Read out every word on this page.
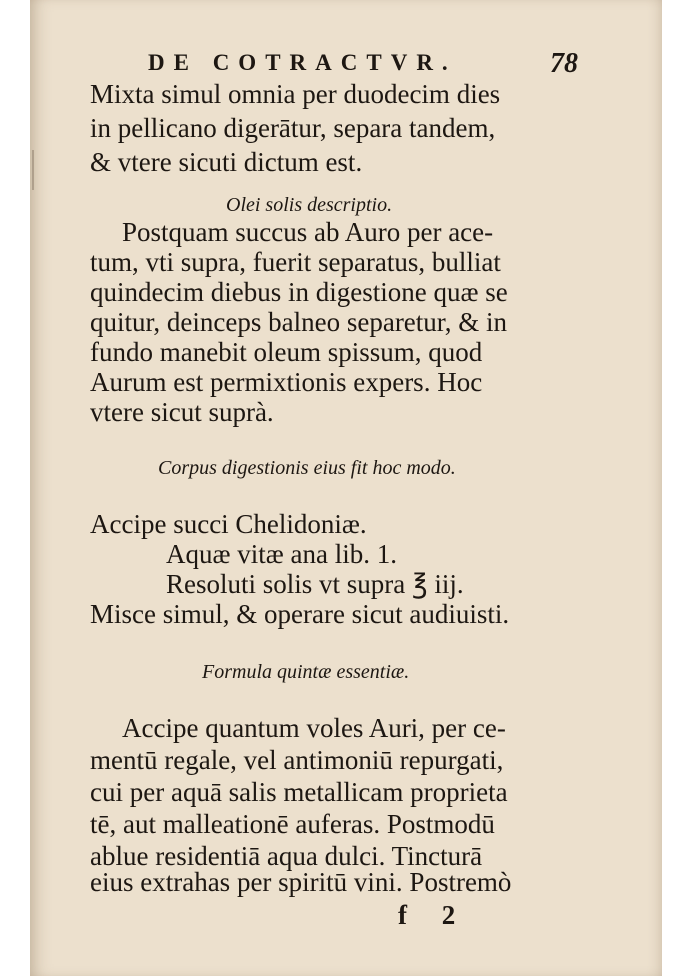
DE COTRACTVR.	78
Mixta simul omnia per duodecim dies
in pellicano digerātur, separa tandem,
& vtere sicuti dictum est.
Olei solis descriptio.
Postquam succus ab Auro per ace-
tum, vti supra, fuerit separatus, bulliat
quindecim diebus in digestione quæ se
quitur, deinceps balneo separetur, & in
fundo manebit oleum spissum, quod
Aurum est permixtionis expers. Hoc
vtere sicut suprà.
Corpus digestionis eius fit hoc modo.
Accipe succi Chelidoniæ.
Aquæ vitæ ana lib. 1.
Resoluti solis vt supra ℥ iij.
Misce simul, & operare sicut audiuisti.
Formula quintæ essentiæ.
Accipe quantum voles Auri, per ce-
mentū regale, vel antimoniū repurgati,
cui per aquā salis metallicam proprieta
tē, aut malleationē auferas. Postmodū
ablue residentiā aqua dulci. Tincturā
eius extrahas per spiritū vini. Postremò
f 2
